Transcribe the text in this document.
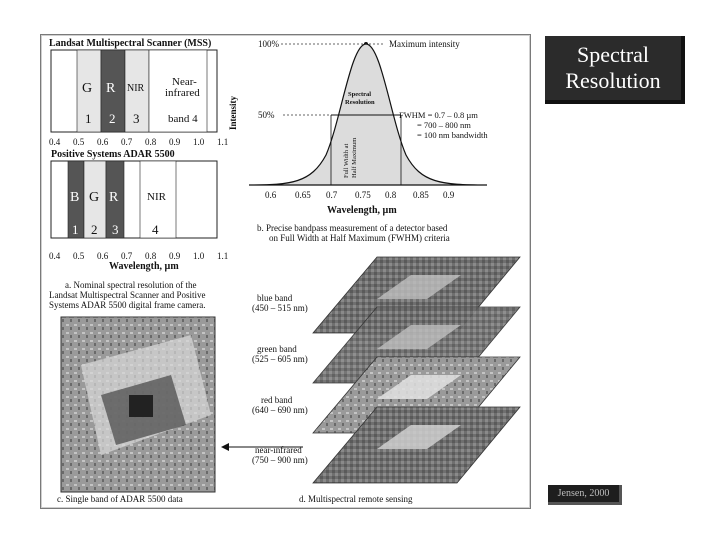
Spectral Resolution
Landsat Multispectral Scanner (MSS)
G R NIR
Near-
infrared
1 2 3	band 4
0.4 0.5 0.6 0.7 0.8 0.9 1.0 1.1
Positive Systems ADAR 5500
B G R	NIR
1 2 3	4
0.4 0.5 0.6 0.7 0.8 0.9 1.0 1.1
Wavelength, µm
a. Nominal spectral resolution of the
Landsat Multispectral Scanner and Positive
Systems ADAR 5500 digital frame camera.
100%	Maximum intensity
Intensity 50%
Spectral
Resolution
Full Width at Half Maximum
FWHM = 0.7 – 0.8 µm
= 700 – 800 nm
= 100 nm bandwidth
0.6 0.65 0.7 0.75 0.8 0.85 0.9
Wavelength, µm
b. Precise bandpass measurement of a detector based
on Full Width at Half Maximum (FWHM) criteria
blue band
(450 – 515 nm)
green band
(525 – 605 nm)
red band
(640 – 690 nm)
near-infrared
(750 – 900 nm)
d. Multispectral remote sensing
c. Single band of ADAR 5500 data	Jensen, 2000
